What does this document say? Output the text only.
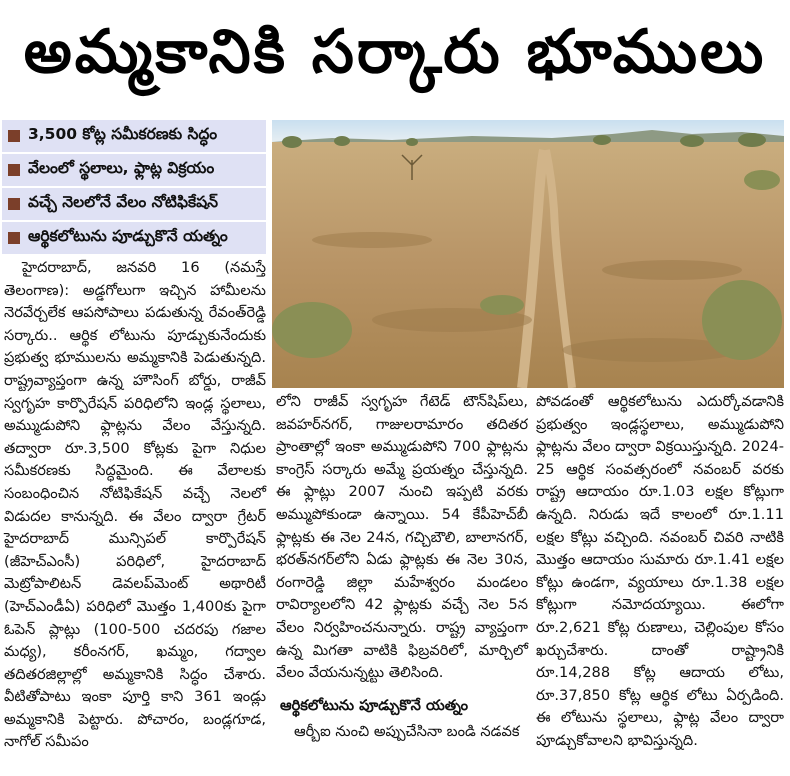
అమ్మకానికి సర్కారు భూములు
3,500 కోట్ల సమీకరణకు సిద్ధం
వేలంలో స్థలాలు, ఫ్లాట్ల విక్రయం
వచ్చే నెలలోనే వేలం నోటిఫికేషన్
ఆర్థికలోటును పూడ్చుకొనే యత్నం

హైదరాబాద్, జనవరి 16 (నమస్తే తెలంగాణ): అడ్డగోలుగా ఇచ్చిన హామీలను నెరవేర్చలేక ఆపసోపాలు పడుతున్న రేవంత్‌రెడ్డి సర్కారు.. ఆర్థిక లోటును పూడ్చుకునేందుకు ప్రభుత్వ భూములను అమ్మకానికి పెడుతున్నది. రాష్ట్రవ్యాప్తంగా ఉన్న హౌసింగ్ బోర్డు, రాజీవ్ స్వగృహ కార్పొరేషన్ పరిధిలోని ఇండ్ల స్థలాలు, అమ్ముడుపోని ఫ్లాట్లను వేలం వేస్తున్నది. తద్వారా రూ.3,500 కోట్లకు పైగా నిధుల సమీకరణకు సిద్ధమైంది. ఈ వేలాలకు సంబంధించిన నోటిఫికేషన్ వచ్చే నెలలో విడుదల కానున్నది. ఈ వేలం ద్వారా గ్రేటర్ హైదరాబాద్ మున్సిపల్ కార్పొరేషన్ (జీహెచ్‌ఎంసీ) పరిధిలో, హైదరాబాద్ మెట్రోపాలిటన్ డెవలప్‌మెంట్ అథారిటీ (హెచ్‌ఎండీఏ) పరిధిలో మొత్తం 1,400కు పైగా ఓపెన్ ప్లాట్లు (100-500 చదరపు గజాల మధ్య), కరీంనగర్, ఖమ్మం, గద్వాల తదితరజిల్లాల్లో అమ్మకానికి సిద్ధం చేశారు. వీటితోపాటు ఇంకా పూర్తి కాని 361 ఇండ్లు అమ్మకానికి పెట్టారు. పోచారం, బండ్లగూడ, నాగోల్ సమీపం

లోని రాజీవ్ స్వగృహ గేటెడ్ టౌన్‌షిప్‌లు, జవహర్‌నగర్, గాజులరామారం తదితర ప్రాంతాల్లో ఇంకా అమ్ముడుపోని 700 ఫ్లాట్లను కాంగ్రెస్ సర్కారు అమ్మే ప్రయత్నం చేస్తున్నది. ఈ ఫ్లాట్లు 2007 నుంచి ఇప్పటి వరకు అమ్ముపోకుండా ఉన్నాయి. 54 కేపీహెచ్‌బీ ఫ్లాట్లకు ఈ నెల 24న, గచ్చిబౌలి, బాలానగర్, భరత్‌నగర్‌లోని ఏడు ఫ్లాట్లకు ఈ నెల 30న, రంగారెడ్డి జిల్లా మహేశ్వరం మండలం రావిర్యాలలోని 42 ఫ్లాట్లకు వచ్చే నెల 5న వేలం నిర్వహించనున్నారు. రాష్ట్ర వ్యాప్తంగా ఉన్న మిగతా వాటికి ఫిబ్రవరిలో, మార్చిలో వేలం వేయనున్నట్టు తెలిసింది.

ఆర్థికలోటును పూడ్చుకొనే యత్నం

ఆర్బీఐ నుంచి అప్పుచేసినా బండి నడవక

పోవడంతో ఆర్థికలోటును ఎదుర్కోవడానికి ప్రభుత్వం ఇండ్లస్థలాలు, అమ్ముడుపోని ఫ్లాట్లను వేలం ద్వారా విక్రయిస్తున్నది. 2024-25 ఆర్థిక సంవత్సరంలో నవంబర్ వరకు రాష్ట్ర ఆదాయం రూ.1.03 లక్షల కోట్లుగా ఉన్నది. నిరుడు ఇదే కాలంలో రూ.1.11 లక్షల కోట్లు వచ్చింది. నవంబర్ చివరి నాటికి మొత్తం ఆదాయం సుమారు రూ.1.41 లక్షల కోట్లు ఉండగా, వ్యయాలు రూ.1.38 లక్షల కోట్లుగా నమోదయ్యాయి. ఈలోగా రూ.2,621 కోట్ల రుణాలు, చెల్లింపుల కోసం ఖర్చుచేశారు. దాంతో రాష్ట్రానికి రూ.14,288 కోట్ల ఆదాయ లోటు, రూ.37,850 కోట్ల ఆర్థిక లోటు ఏర్పడింది. ఈ లోటును స్థలాలు, ఫ్లాట్ల వేలం ద్వారా పూడ్చుకోవాలని భావిస్తున్నది.
